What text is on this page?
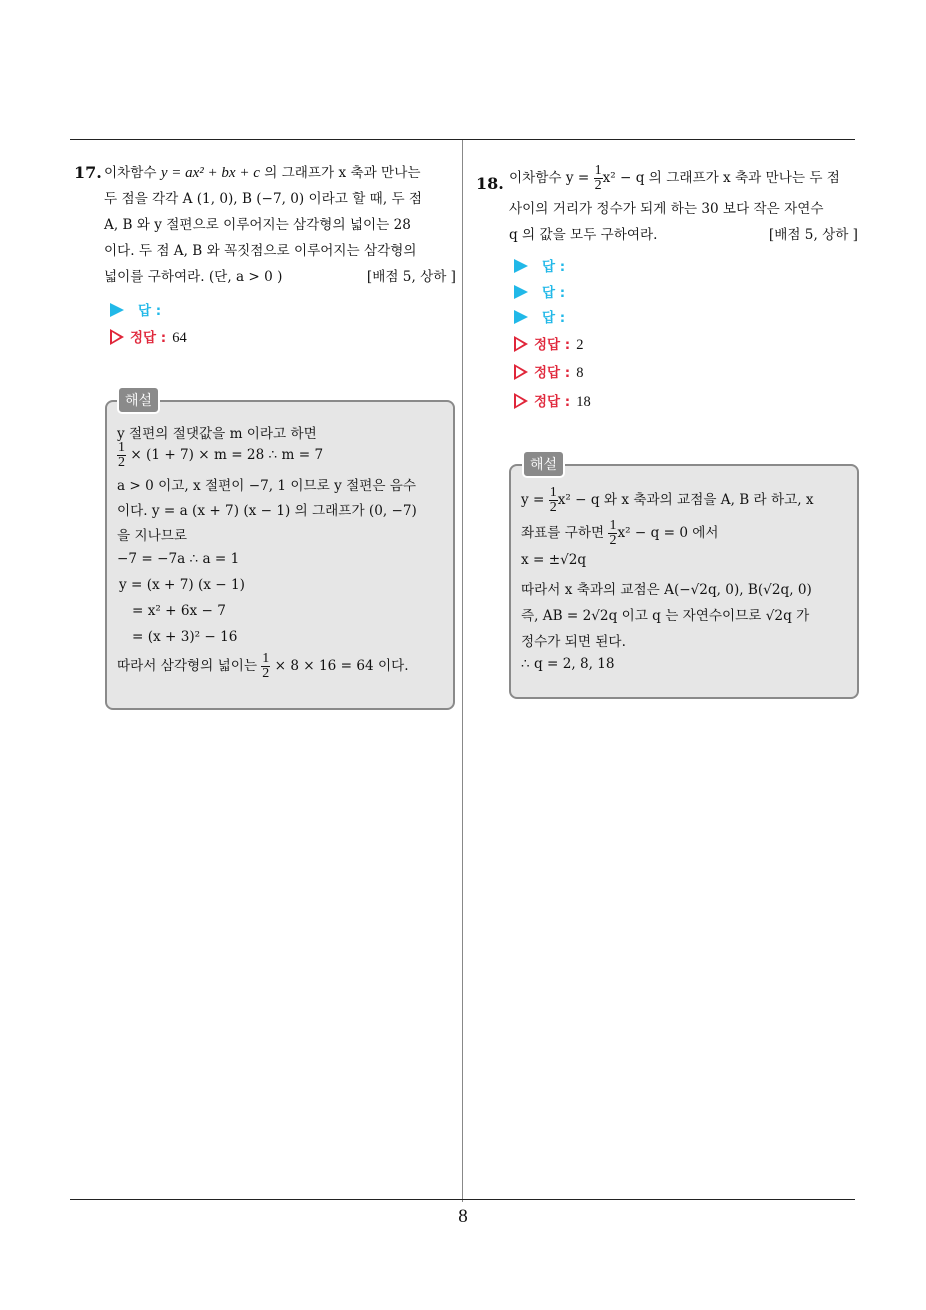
17. 이차함수 y = ax² + bx + c 의 그래프가 x 축과 만나는
두 점을 각각 A (1, 0), B (−7, 0) 이라고 할 때, 두 점
A, B 와 y 절편으로 이루어지는 삼각형의 넓이는 28
이다. 두 점 A, B 와 꼭짓점으로 이루어지는 삼각형의
넓이를 구하여라. (단, a > 0 )	[배점 5, 상하 ]
답 :
정답 : 64
해설
y 절편의 절댓값을 m 이라고 하면
$\frac{1}{2} \times (1 + 7) \times m = 28$ ∴ m = 7
a > 0 이고, x 절편이 −7, 1 이므로 y 절편은 음수
이다. y = a (x + 7) (x − 1) 의 그래프가 (0, −7)
을 지나므로
−7 = −7a ∴ a = 1
y = (x + 7) (x − 1)
= x² + 6x − 7
= (x + 3)² − 16
따라서 삼각형의 넓이는 $\frac{1}{2} \times 8 \times 16 = 64$ 이다.
18. 이차함수 $y = \frac{1}{2} x^2 - q$ 의 그래프가 x 축과 만나는 두 점
사이의 거리가 정수가 되게 하는 30 보다 작은 자연수
q 의 값을 모두 구하여라.	[배점 5, 상하 ]
답 :
답 :
답 :
정답 : 2
정답 : 8
정답 : 18
해설
$y = \frac{1}{2} x^2 - q$ 와 x 축과의 교점을 A, B 라 하고, x
좌표를 구하면 $\frac{1}{2} x^2 - q = 0$ 에서
x = ±√2q
따라서 x 축과의 교점은 A(−√2q, 0), B(√2q, 0)
즉, AB = 2√2q 이고 q 는 자연수이므로 √2q 가
정수가 되면 된다.
∴ q = 2, 8, 18
8
